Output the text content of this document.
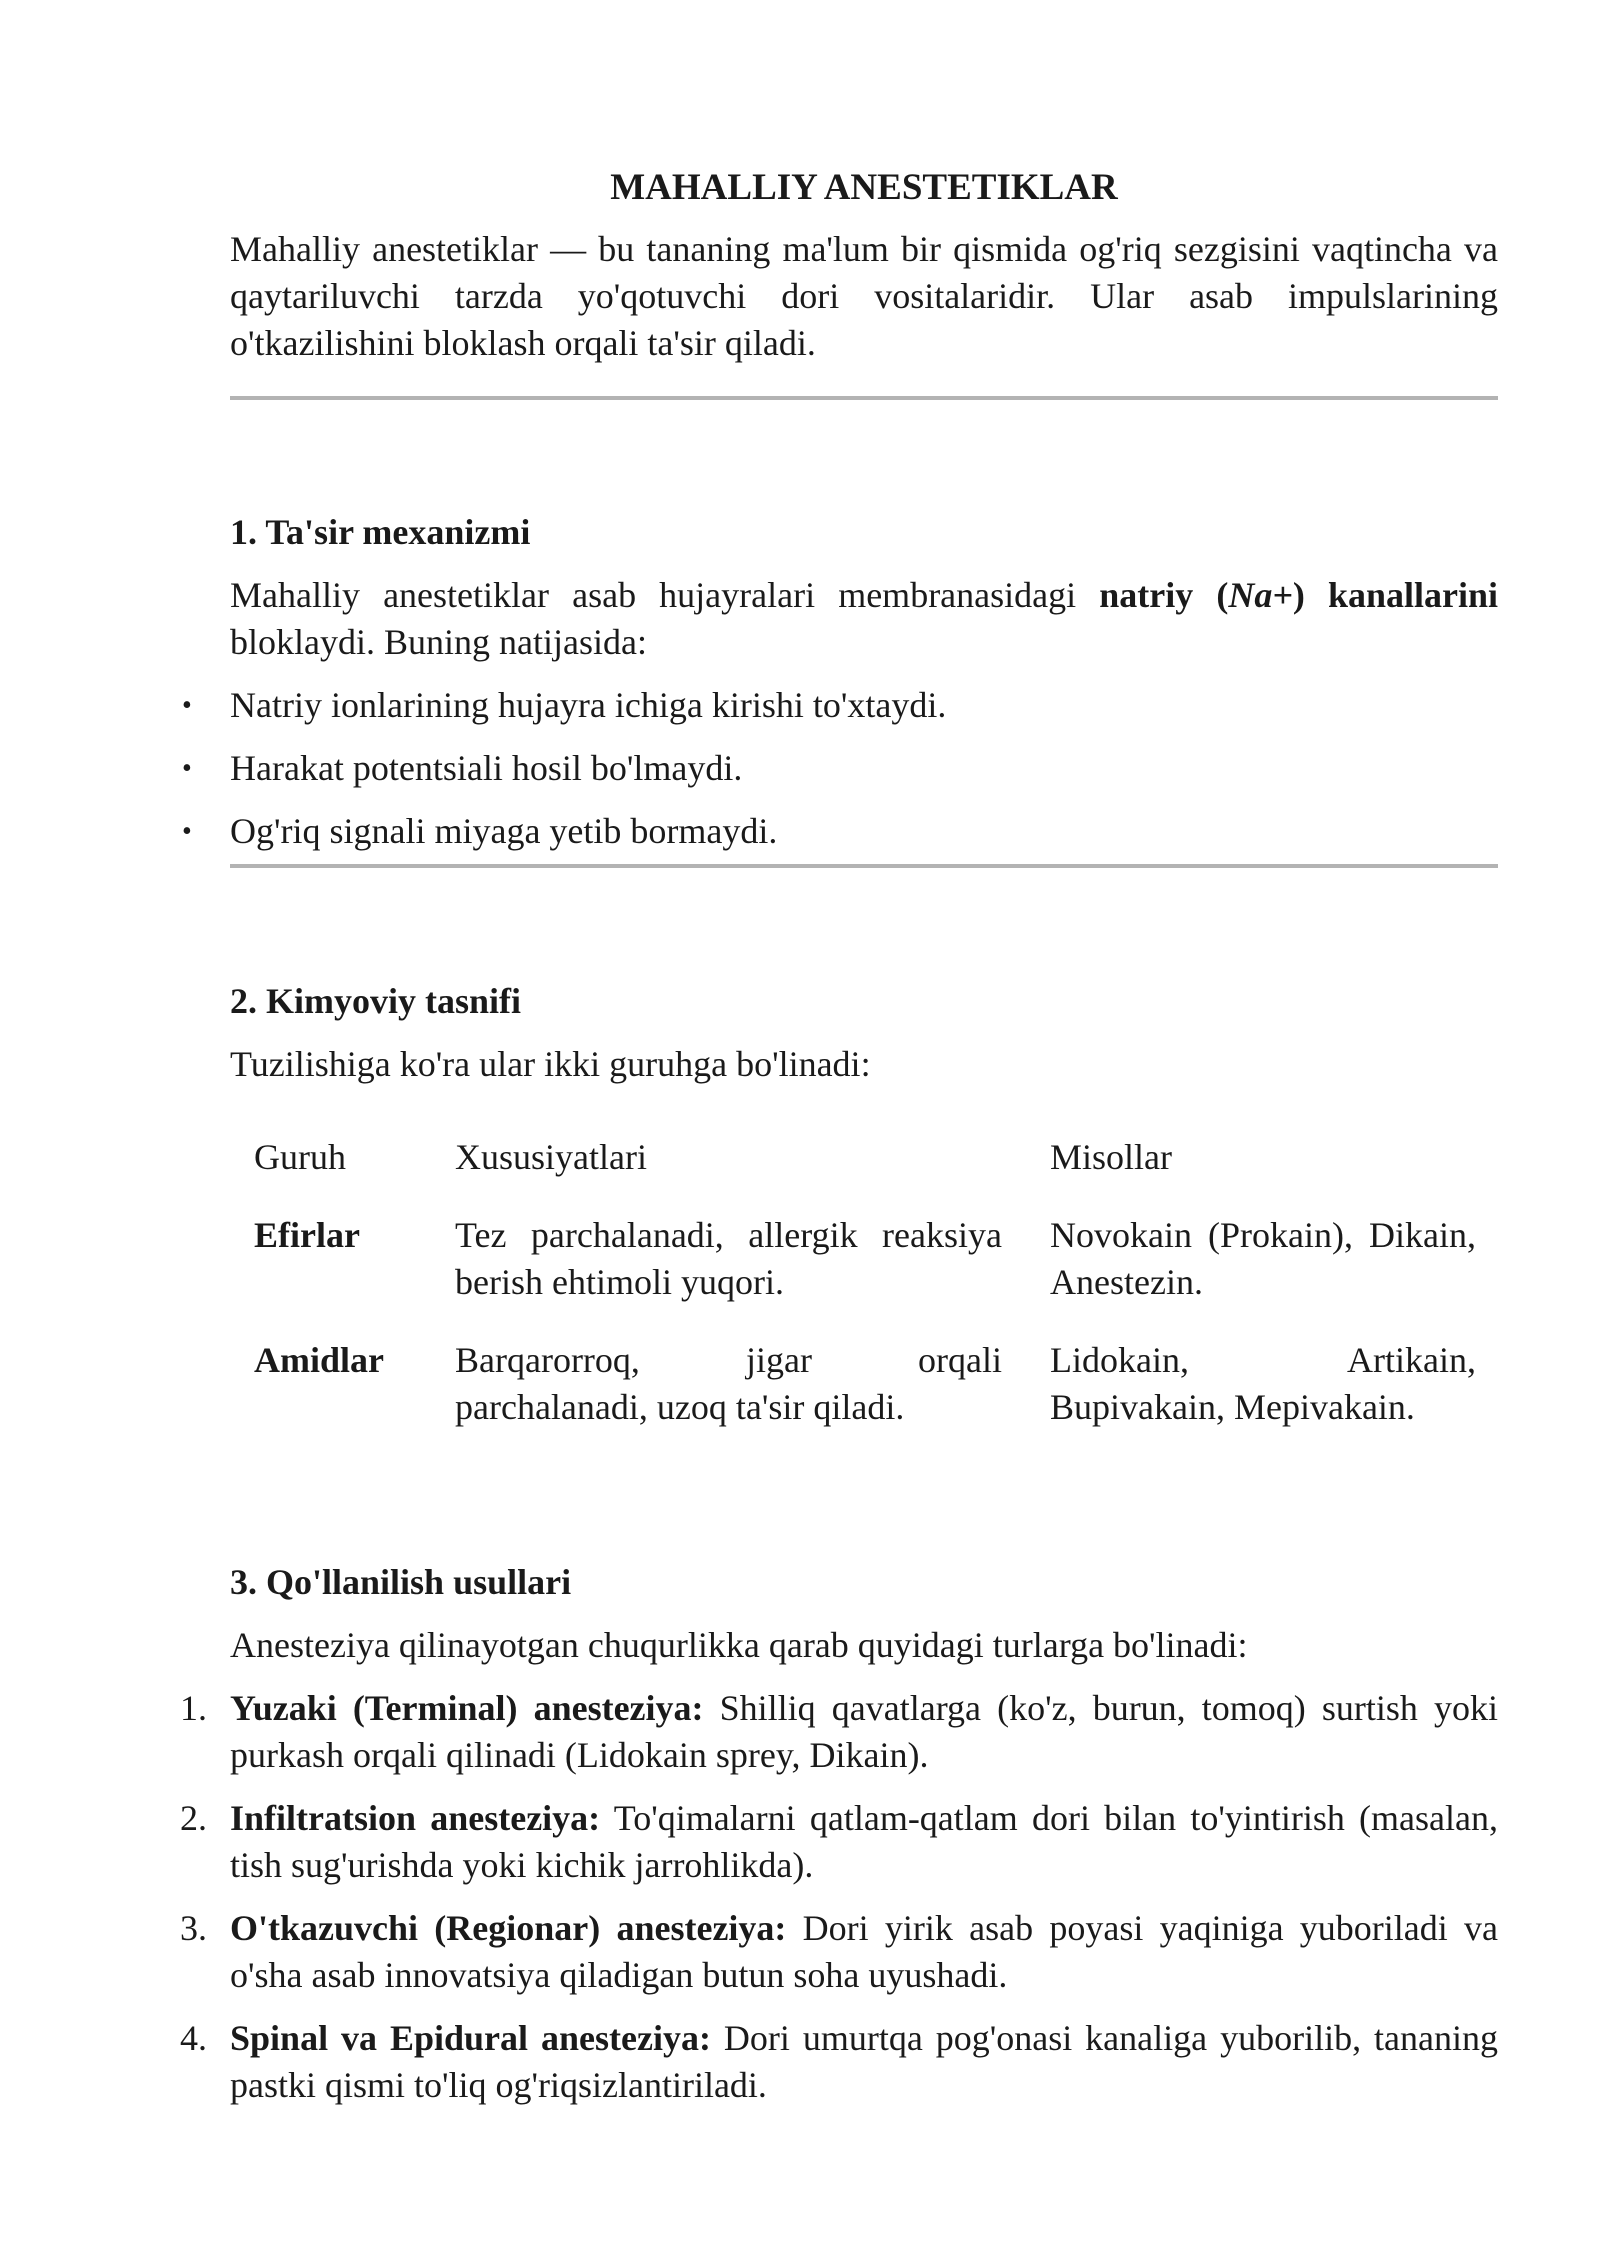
MAHALLIY ANESTETIKLAR

Mahalliy anestetiklar — bu tananing ma'lum bir qismida og'riq sezgisini vaqtincha va qaytariluvchi tarzda yo'qotuvchi dori vositalaridir. Ular asab impulslarining o'tkazilishini bloklash orqali ta'sir qiladi.

1. Ta'sir mexanizmi

Mahalliy anestetiklar asab hujayralari membranasidagi natriy (Na+) kanallarini bloklaydi. Buning natijasida:

• Natriy ionlarining hujayra ichiga kirishi to'xtaydi.
• Harakat potentsiali hosil bo'lmaydi.
• Og'riq signali miyaga yetib bormaydi.

2. Kimyoviy tasnifi

Tuzilishiga ko'ra ular ikki guruhga bo'linadi:

Guruh	Xususiyatlari	Misollar
Efirlar	Tez parchalanadi, allergik reaksiya berish ehtimoli yuqori.	Novokain (Prokain), Dikain, Anestezin.
Amidlar	Barqarorroq, jigar orqali parchalanadi, uzoq ta'sir qiladi.	Lidokain, Artikain, Bupivakain, Mepivakain.

3. Qo'llanilish usullari

Anesteziya qilinayotgan chuqurlikka qarab quyidagi turlarga bo'linadi:

1. Yuzaki (Terminal) anesteziya: Shilliq qavatlarga (ko'z, burun, tomoq) surtish yoki purkash orqali qilinadi (Lidokain sprey, Dikain).
2. Infiltratsion anesteziya: To'qimalarni qatlam-qatlam dori bilan to'yintirish (masalan, tish sug'urishda yoki kichik jarrohlikda).
3. O'tkazuvchi (Regionar) anesteziya: Dori yirik asab poyasi yaqiniga yuboriladi va o'sha asab innovatsiya qiladigan butun soha uyushadi.
4. Spinal va Epidural anesteziya: Dori umurtqa pog'onasi kanaliga yuborilib, tananing pastki qismi to'liq og'riqsizlantiriladi.
